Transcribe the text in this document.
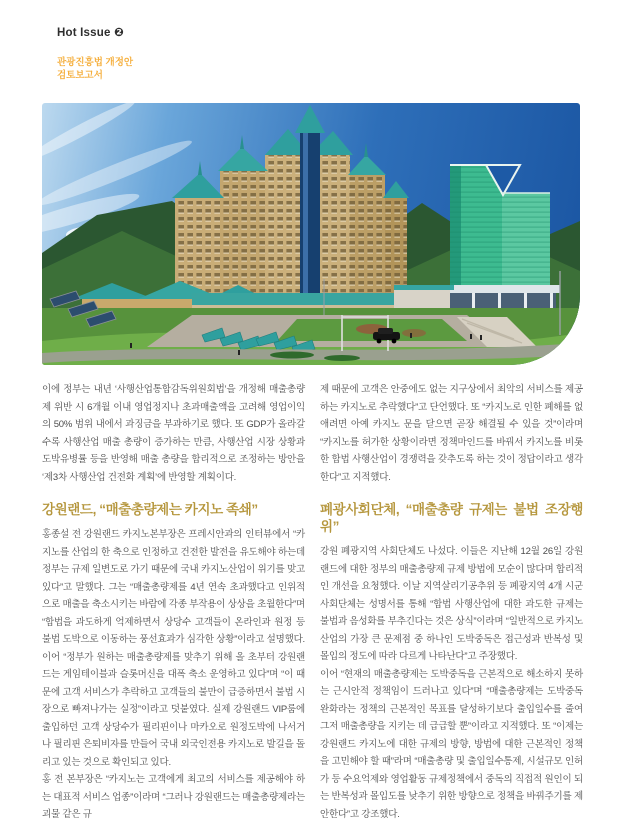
Hot Issue ❷
관광진흥법 개정안
검토보고서

이에 정부는 내년 ‘사행산업통합감독위원회법’을 개정해 매출총량제 위반 시 6개월 이내 영업정지나 초과매출액을 고려해 영업이익의 50% 범위 내에서 과징금을 부과하기로 했다. 또 GDP가 올라갈수록 사행산업 매출 총량이 증가하는 만큼, 사행산업 시장 상황과 도박유병률 등을 반영해 매출 총량을 합리적으로 조정하는 방안을 ‘제3차 사행산업 건전화 계획’에 반영할 계획이다.

강원랜드, “매출총량제는 카지노 족쇄”

홍종설 전 강원랜드 카지노본부장은 프레시안과의 인터뷰에서 “카지노를 산업의 한 축으로 인정하고 건전한 발전을 유도해야 하는데 정부는 규제 일변도로 가기 때문에 국내 카지노산업이 위기를 맞고 있다”고 말했다. 그는 “매출총량제를 4년 연속 초과했다고 인위적으로 매출을 축소시키는 바람에 각종 부작용이 상상을 초월한다”며 “합법을 과도하게 억제하면서 상당수 고객들이 온라인과 원정 등 불법 도박으로 이동하는 풍선효과가 심각한 상황”이라고 설명했다. 이어 “정부가 원하는 매출총량제를 맞추기 위해 올 초부터 강원랜드는 게임테이블과 슬롯머신을 대폭 축소 운영하고 있다”며 “이 때문에 고객 서비스가 추락하고 고객들의 불만이 급증하면서 불법 시장으로 빠져나가는 실정”이라고 덧붙였다. 실제 강원랜드 VIP룸에 출입하던 고객 상당수가 필리핀이나 마카오로 원정도박에 나서거나 필리핀 은퇴비자를 만들어 국내 외국인전용 카지노로 발길을 돌리고 있는 것으로 확인되고 있다.

홍 전 본부장은 “카지노는 고객에게 최고의 서비스를 제공해야 하는 대표적 서비스 업종”이라며 “그러나 강원랜드는 매출총량제라는 괴물 같은 규

제 때문에 고객은 안중에도 없는 지구상에서 최악의 서비스를 제공하는 카지노로 추락했다”고 단언했다. 또 “카지노로 인한 폐해를 없애려면 아예 카지노 문을 닫으면 곧장 해결될 수 있을 것”이라며 “카지노를 허가한 상황이라면 정책마인드를 바꿔서 카지노를 비롯한 합법 사행산업이 경쟁력을 갖추도록 하는 것이 정답이라고 생각한다”고 지적했다.

폐광사회단체, “매출총량 규제는 불법 조장행위”

강원 폐광지역 사회단체도 나섰다. 이들은 지난해 12월 26일 강원랜드에 대한 정부의 매출총량제 규제 방법에 모순이 많다며 합리적인 개선을 요청했다. 이날 지역살리기공추위 등 폐광지역 4개 시군 사회단체는 성명서를 통해 “합법 사행산업에 대한 과도한 규제는 불법과 음성화를 부추긴다는 것은 상식”이라며 “일반적으로 카지노산업의 가장 큰 문제점 중 하나인 도박중독은 접근성과 반복성 및 몰입의 정도에 따라 다르게 나타난다”고 주장했다.

이어 “현재의 매출총량제는 도박중독을 근본적으로 해소하지 못하는 근시안적 정책임이 드러나고 있다”며 “매출총량제는 도박중독 완화라는 정책의 근본적인 목표를 달성하기보다 출입일수를 줄여 그저 매출총량을 지키는 데 급급할 뿐”이라고 지적했다. 또 “이제는 강원랜드 카지노에 대한 규제의 방향, 방법에 대한 근본적인 정책을 고민해야 할 때”라며 “매출총량 및 출입일수통제, 시설규모 인허가 등 수요억제와 영업활동 규제정책에서 중독의 직접적 원인이 되는 반복성과 몰입도를 낮추기 위한 방향으로 정책을 바꿔주기를 제안한다”고 강조했다.
